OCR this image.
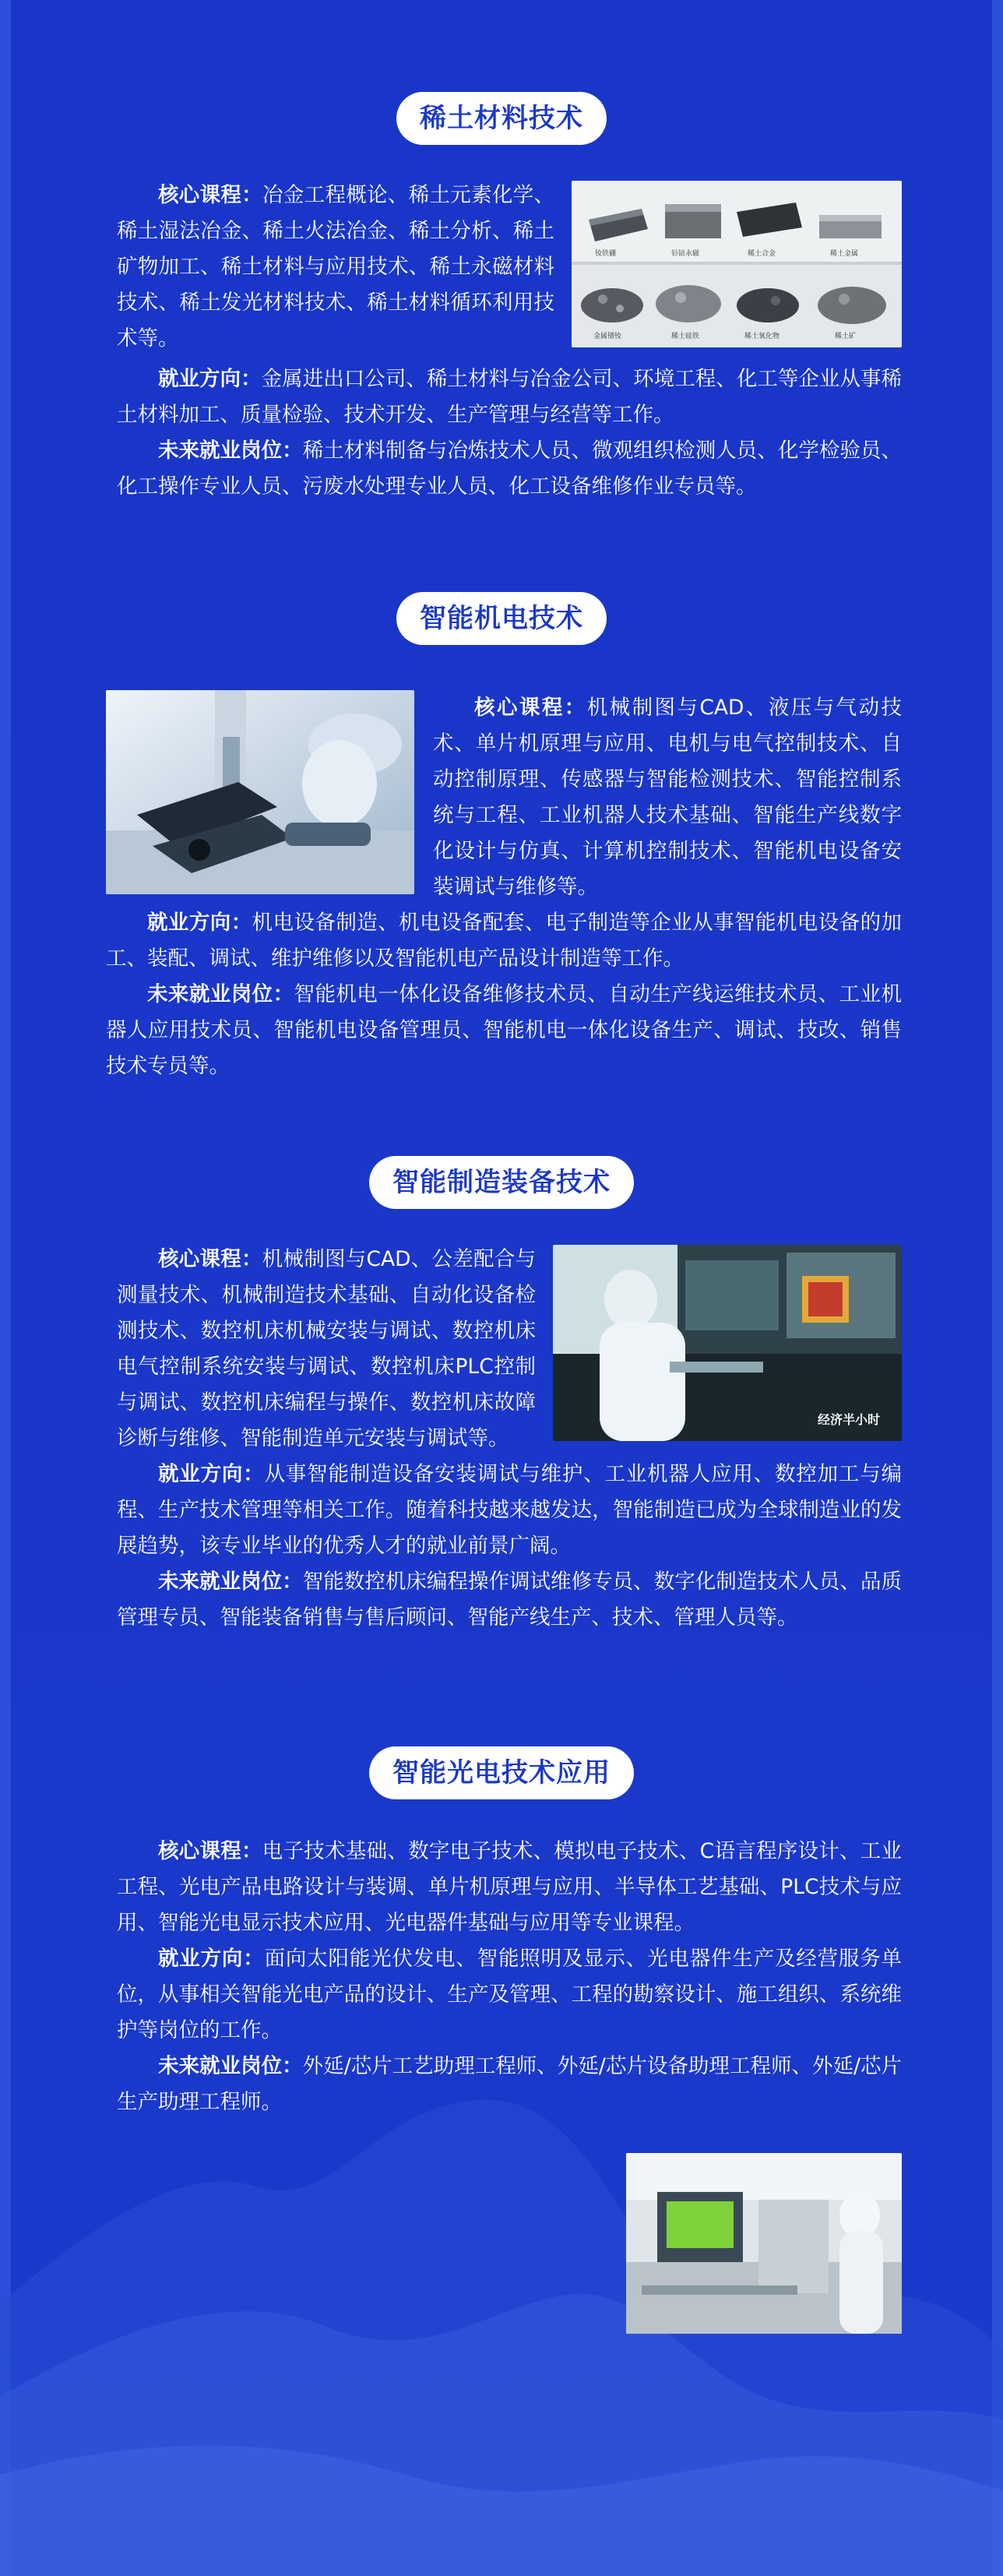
稀土材料技术
钕铁硼	钐钴永磁	稀土合金	稀土金属
金属镨钕	稀土硅铁	稀土氧化物	稀土矿

核心课程：冶金工程概论、稀土元素化学、稀土湿法冶金、稀土火法冶金、稀土分析、稀土矿物加工、稀土材料与应用技术、稀土永磁材料技术、稀土发光材料技术、稀土材料循环利用技术等。

就业方向：金属进出口公司、稀土材料与冶金公司、环境工程、化工等企业从事稀土材料加工、质量检验、技术开发、生产管理与经营等工作。

未来就业岗位：稀土材料制备与冶炼技术人员、微观组织检测人员、化学检验员、化工操作专业人员、污废水处理专业人员、化工设备维修作业专员等。

智能机电技术

核心课程：机械制图与CAD、液压与气动技术、单片机原理与应用、电机与电气控制技术、自动控制原理、传感器与智能检测技术、智能控制系统与工程、工业机器人技术基础、智能生产线数字化设计与仿真、计算机控制技术、智能机电设备安装调试与维修等。

就业方向：机电设备制造、机电设备配套、电子制造等企业从事智能机电设备的加工、装配、调试、维护维修以及智能机电产品设计制造等工作。

未来就业岗位：智能机电一体化设备维修技术员、自动生产线运维技术员、工业机器人应用技术员、智能机电设备管理员、智能机电一体化设备生产、调试、技改、销售技术专员等。

智能制造装备技术
经济半小时

核心课程：机械制图与CAD、公差配合与测量技术、机械制造技术基础、自动化设备检测技术、数控机床机械安装与调试、数控机床电气控制系统安装与调试、数控机床PLC控制与调试、数控机床编程与操作、数控机床故障诊断与维修、智能制造单元安装与调试等。

就业方向：从事智能制造设备安装调试与维护、工业机器人应用、数控加工与编程、生产技术管理等相关工作。随着科技越来越发达，智能制造已成为全球制造业的发展趋势，该专业毕业的优秀人才的就业前景广阔。

未来就业岗位：智能数控机床编程操作调试维修专员、数字化制造技术人员、品质管理专员、智能装备销售与售后顾问、智能产线生产、技术、管理人员等。

智能光电技术应用

核心课程：电子技术基础、数字电子技术、模拟电子技术、C语言程序设计、工业工程、光电产品电路设计与装调、单片机原理与应用、半导体工艺基础、PLC技术与应用、智能光电显示技术应用、光电器件基础与应用等专业课程。

就业方向：面向太阳能光伏发电、智能照明及显示、光电器件生产及经营服务单位，从事相关智能光电产品的设计、生产及管理、工程的勘察设计、施工组织、系统维护等岗位的工作。

未来就业岗位：外延/芯片工艺助理工程师、外延/芯片设备助理工程师、外延/芯片生产助理工程师。
